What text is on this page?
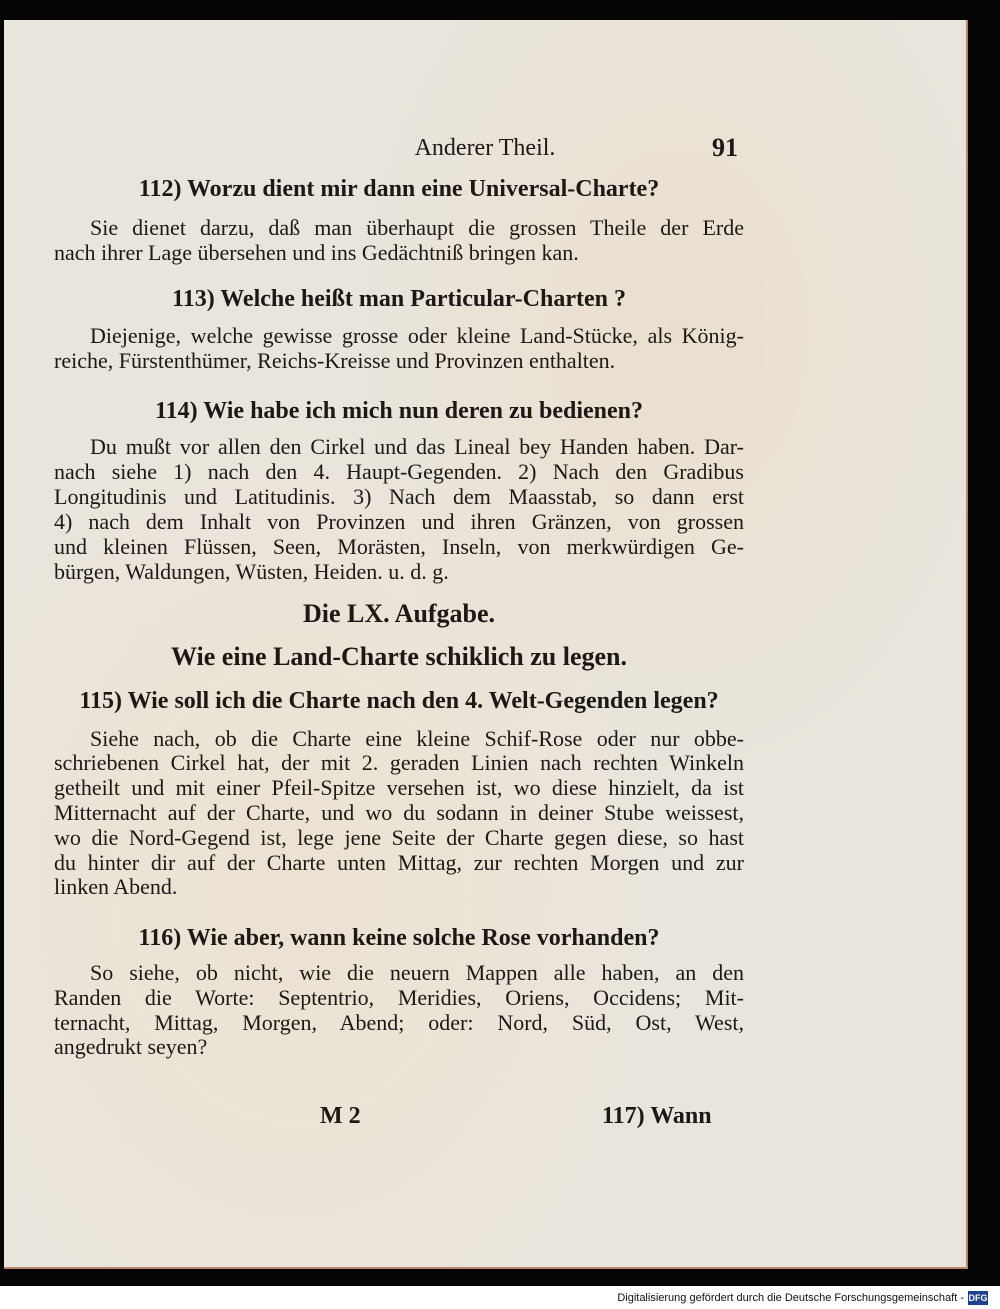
Anderer Theil.	91
112) Worzu dient mir dann eine Universal-Charte?
Sie dienet darzu, daß man überhaupt die grossen Theile der Erde
nach ihrer Lage übersehen und ins Gedächtniß bringen kan.
113) Welche heißt man Particular-Charten ?
Diejenige, welche gewisse grosse oder kleine Land-Stücke, als König-
reiche, Fürstenthümer, Reichs-Kreisse und Provinzen enthalten.
114) Wie habe ich mich nun deren zu bedienen?
Du mußt vor allen den Cirkel und das Lineal bey Handen haben. Dar-
nach siehe 1) nach den 4. Haupt-Gegenden. 2) Nach den Gradibus
Longitudinis und Latitudinis. 3) Nach dem Maasstab, so dann erst
4) nach dem Inhalt von Provinzen und ihren Gränzen, von grossen
und kleinen Flüssen, Seen, Morästen, Inseln, von merkwürdigen Ge-
bürgen, Waldungen, Wüsten, Heiden. u. d. g.
Die LX. Aufgabe.
Wie eine Land-Charte schiklich zu legen.
115) Wie soll ich die Charte nach den 4. Welt-Gegenden legen?
Siehe nach, ob die Charte eine kleine Schif-Rose oder nur obbe-
schriebenen Cirkel hat, der mit 2. geraden Linien nach rechten Winkeln
getheilt und mit einer Pfeil-Spitze versehen ist, wo diese hinzielt, da ist
Mitternacht auf der Charte, und wo du sodann in deiner Stube weissest,
wo die Nord-Gegend ist, lege jene Seite der Charte gegen diese, so hast
du hinter dir auf der Charte unten Mittag, zur rechten Morgen und zur
linken Abend.
116) Wie aber, wann keine solche Rose vorhanden?
So siehe, ob nicht, wie die neuern Mappen alle haben, an den
Randen die Worte: Septentrio, Meridies, Oriens, Occidens; Mit-
ternacht, Mittag, Morgen, Abend; oder: Nord, Süd, Ost, West,
angedrukt seyen?
M 2	117) Wann
Digitalisierung gefördert durch die Deutsche Forschungsgemeinschaft - DFG
